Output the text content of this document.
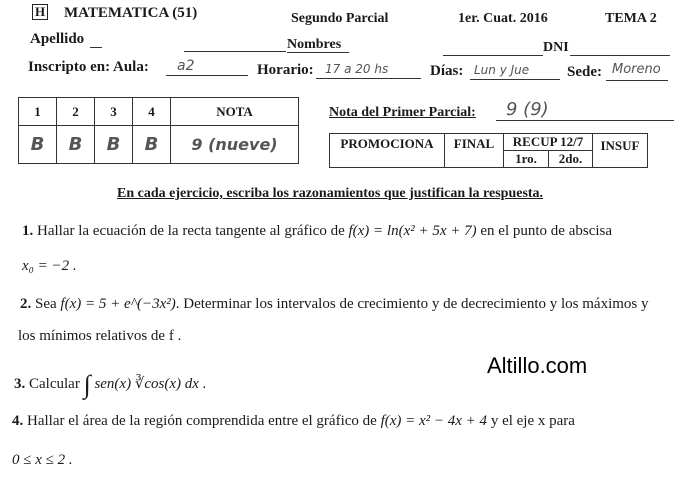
H MATEMATICA (51)	Segundo Parcial	1er. Cuat. 2016	TEMA 2
Apellido	Nombres	DNI
Inscripto en: Aula: a2	Horario: 17 a 20 hs	Días: Lun y Jue	Sede: Moreno
1	2	3	4	NOTA
B	B	B	B	9 (nueve)
Nota del Primer Parcial: 9 (9)
PROMOCIONA	FINAL	RECUP 12/7		INSUF
		1ro.	2do.	
En cada ejercicio, escriba los razonamientos que justifican la respuesta.
1. Hallar la ecuación de la recta tangente al gráfico de f(x) = ln(x² + 5x + 7) en el punto de abscisa
x₀ = −2 .
2. Sea f(x) = 5 + e^(−3x²). Determinar los intervalos de crecimiento y de decrecimiento y los máximos y
los mínimos relativos de f .
3. Calcular ∫ sen(x) ∛cos(x) dx .
Altillo.com
4. Hallar el área de la región comprendida entre el gráfico de f(x) = x² − 4x + 4 y el eje x para
0 ≤ x ≤ 2 .
